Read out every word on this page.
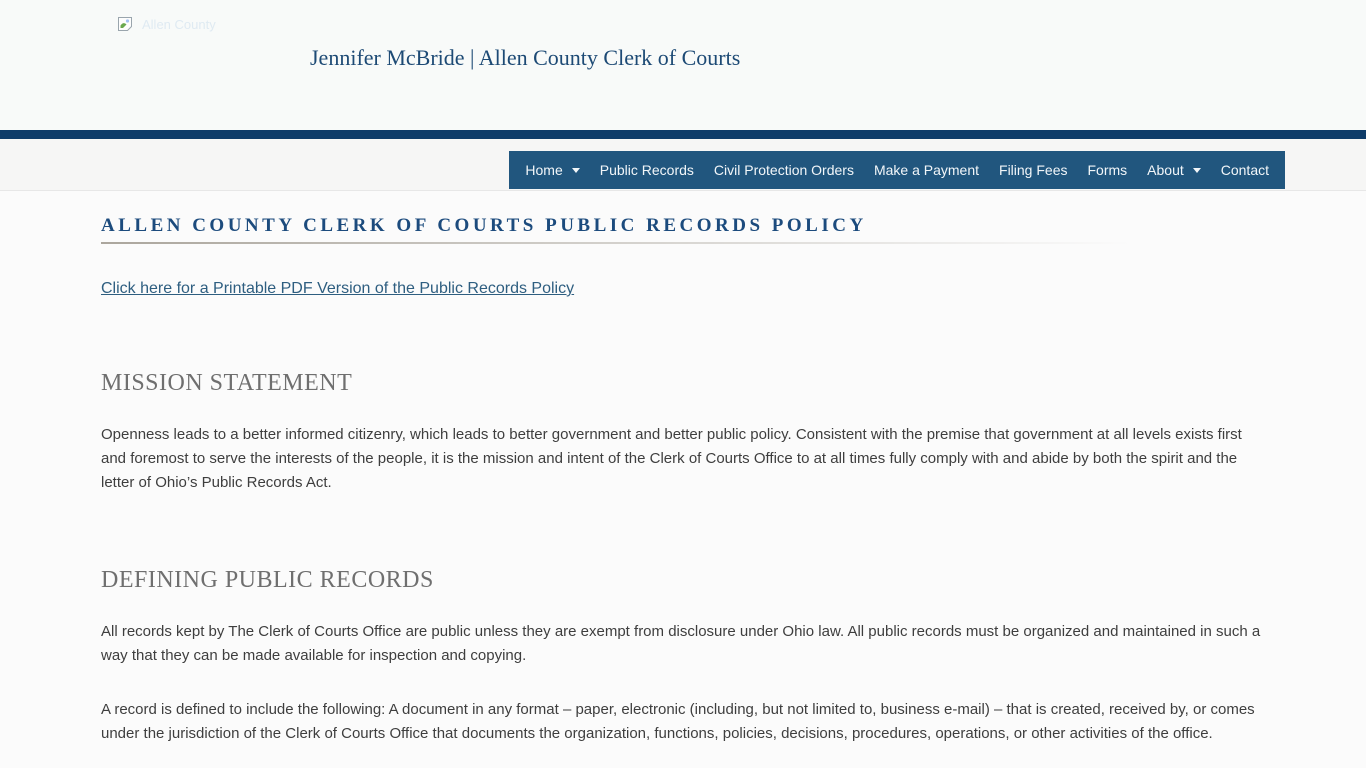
Allen County
Jennifer McBride | Allen County Clerk of Courts
Home	Public Records Civil Protection Orders Make a Payment Filing Fees Forms About	Contact
ALLEN COUNTY CLERK OF COURTS PUBLIC RECORDS POLICY
Click here for a Printable PDF Version of the Public Records Policy
MISSION STATEMENT

Openness leads to a better informed citizenry, which leads to better government and better public policy. Consistent with the premise that government at all levels exists first and foremost to serve the interests of the people, it is the mission and intent of the Clerk of Courts Office to at all times fully comply with and abide by both the spirit and the letter of Ohio’s Public Records Act.

DEFINING PUBLIC RECORDS

All records kept by The Clerk of Courts Office are public unless they are exempt from disclosure under Ohio law. All public records must be organized and maintained in such a way that they can be made available for inspection and copying.

A record is defined to include the following: A document in any format – paper, electronic (including, but not limited to, business e-mail) – that is created, received by, or comes under the jurisdiction of the Clerk of Courts Office that documents the organization, functions, policies, decisions, procedures, operations, or other activities of the office.
